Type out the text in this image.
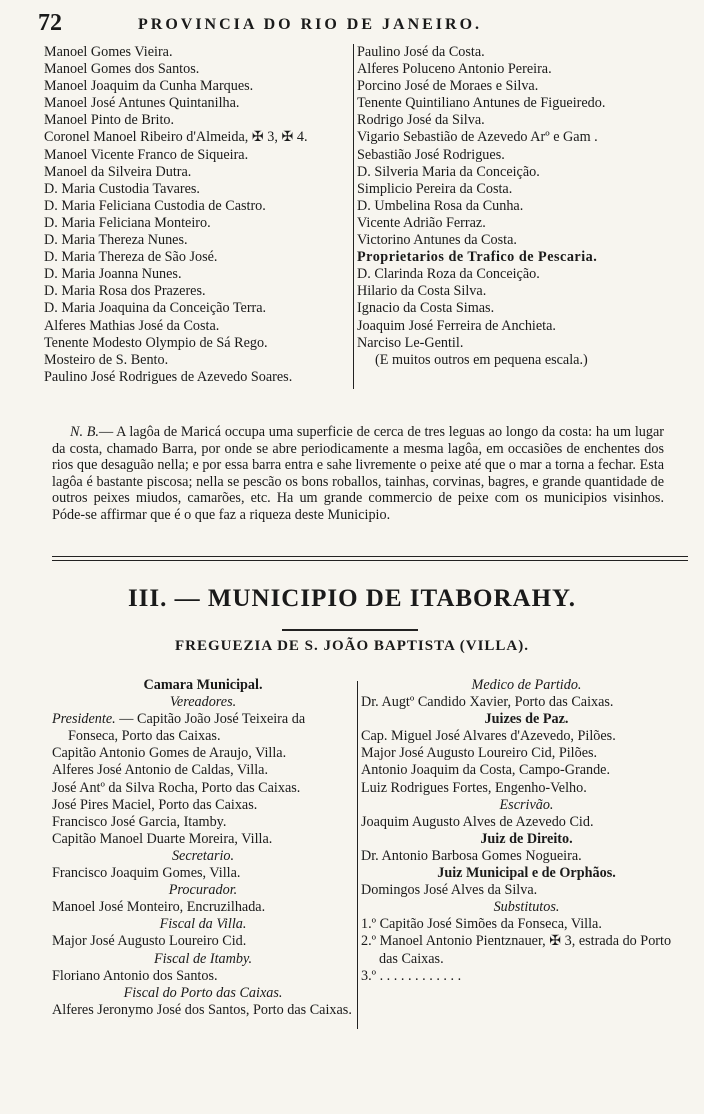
72	PROVINCIA DO RIO DE JANEIRO.
Manoel Gomes Vieira.
Manoel Gomes dos Santos.
Manoel Joaquim da Cunha Marques.
Manoel José Antunes Quintanilha.
Manoel Pinto de Brito.
Coronel Manoel Ribeiro d'Almeida, ✠ 3, ✠ 4.
Manoel Vicente Franco de Siqueira.
Manoel da Silveira Dutra.
D. Maria Custodia Tavares.
D. Maria Feliciana Custodia de Castro.
D. Maria Feliciana Monteiro.
D. Maria Thereza Nunes.
D. Maria Thereza de São José.
D. Maria Joanna Nunes.
D. Maria Rosa dos Prazeres.
D. Maria Joaquina da Conceição Terra.
Alferes Mathias José da Costa.
Tenente Modesto Olympio de Sá Rego.
Mosteiro de S. Bento.
Paulino José Rodrigues de Azevedo Soares.
Paulino José da Costa.
Alferes Poluceno Antonio Pereira.
Porcino José de Moraes e Silva.
Tenente Quintiliano Antunes de Figueiredo.
Rodrigo José da Silva.
Vigario Sebastião de Azevedo Arº e Gam .
Sebastião José Rodrigues.
D. Silveria Maria da Conceição.
Simplicio Pereira da Costa.
D. Umbelina Rosa da Cunha.
Vicente Adrião Ferraz.
Victorino Antunes da Costa.
Proprietarios de Trafico de Pescaria.
D. Clarinda Roza da Conceição.
Hilario da Costa Silva.
Ignacio da Costa Simas.
Joaquim José Ferreira de Anchieta.
Narciso Le-Gentil.
(E muitos outros em pequena escala.)
N. B.— A lagôa de Maricá occupa uma superficie de cerca de tres leguas ao longo da costa: ha um lugar da costa, chamado Barra, por onde se abre periodicamente a mesma lagôa, em occasiões de enchentes dos rios que desaguão nella; e por essa barra entra e sahe livremente o peixe até que o mar a torna a fechar. Esta lagôa é bastante piscosa; nella se pescão os bons roballos, tainhas, corvinas, bagres, e grande quantidade de outros peixes miudos, camarões, etc. Ha um grande commercio de peixe com os municipios visinhos. Póde-se affirmar que é o que faz a riqueza deste Municipio.
III. — MUNICIPIO DE ITABORAHY.
FREGUEZIA DE S. JOÃO BAPTISTA (VILLA).
Camara Municipal.
Vereadores.
Presidente. — Capitão João José Teixeira da Fonseca, Porto das Caixas.
Capitão Antonio Gomes de Araujo, Villa.
Alferes José Antonio de Caldas, Villa.
José Antº da Silva Rocha, Porto das Caixas.
José Pires Maciel, Porto das Caixas.
Francisco José Garcia, Itamby.
Capitão Manoel Duarte Moreira, Villa.
Secretario.
Francisco Joaquim Gomes, Villa.
Procurador.
Manoel José Monteiro, Encruzilhada.
Fiscal da Villa.
Major José Augusto Loureiro Cid.
Fiscal de Itamby.
Floriano Antonio dos Santos.
Fiscal do Porto das Caixas.
Alferes Jeronymo José dos Santos, Porto das Caixas.
Medico de Partido.
Dr. Augtº Candido Xavier, Porto das Caixas.
Juizes de Paz.
Cap. Miguel José Alvares d'Azevedo, Pilões.
Major José Augusto Loureiro Cid, Pilões.
Antonio Joaquim da Costa, Campo-Grande.
Luiz Rodrigues Fortes, Engenho-Velho.
Escrivão.
Joaquim Augusto Alves de Azevedo Cid.
Juiz de Direito.
Dr. Antonio Barbosa Gomes Nogueira.
Juiz Municipal e de Orphãos.
Domingos José Alves da Silva.
Substitutos.
1.º Capitão José Simões da Fonseca, Villa.
2.º Manoel Antonio Pientznauer, ✠ 3, estrada do Porto das Caixas.
3.º . . . . . . . . . . . .
